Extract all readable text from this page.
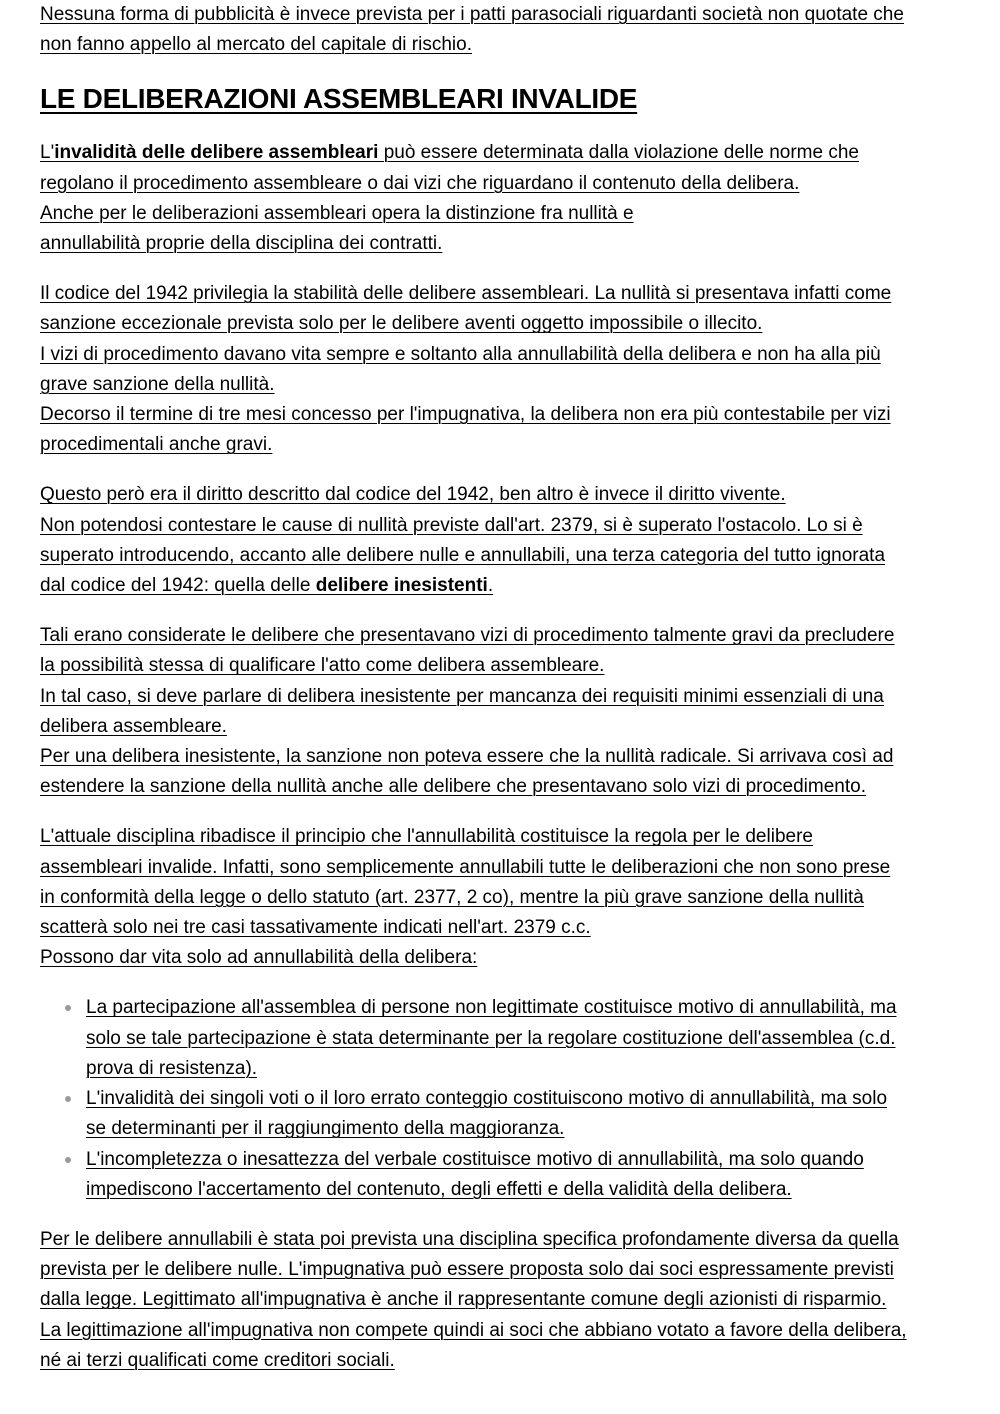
Nessuna forma di pubblicità è invece prevista per i patti parasociali riguardanti società non quotate che
non fanno appello al mercato del capitale di rischio.

LE DELIBERAZIONI ASSEMBLEARI INVALIDE

L'invalidità delle delibere assembleari può essere determinata dalla violazione delle norme che
regolano il procedimento assembleare o dai vizi che riguardano il contenuto della delibera.
Anche per le deliberazioni assembleari opera la distinzione fra nullità e
annullabilità proprie della disciplina dei contratti.

Il codice del 1942 privilegia la stabilità delle delibere assembleari. La nullità si presentava infatti come
sanzione eccezionale prevista solo per le delibere aventi oggetto impossibile o illecito.
I vizi di procedimento davano vita sempre e soltanto alla annullabilità della delibera e non ha alla più
grave sanzione della nullità.
Decorso il termine di tre mesi concesso per l'impugnativa, la delibera non era più contestabile per vizi
procedimentali anche gravi.

Questo però era il diritto descritto dal codice del 1942, ben altro è invece il diritto vivente.
Non potendosi contestare le cause di nullità previste dall'art. 2379, si è superato l'ostacolo. Lo si è
superato introducendo, accanto alle delibere nulle e annullabili, una terza categoria del tutto ignorata
dal codice del 1942: quella delle delibere inesistenti.

Tali erano considerate le delibere che presentavano vizi di procedimento talmente gravi da precludere
la possibilità stessa di qualificare l'atto come delibera assembleare.
In tal caso, si deve parlare di delibera inesistente per mancanza dei requisiti minimi essenziali di una
delibera assembleare.
Per una delibera inesistente, la sanzione non poteva essere che la nullità radicale. Si arrivava così ad
estendere la sanzione della nullità anche alle delibere che presentavano solo vizi di procedimento.

L'attuale disciplina ribadisce il principio che l'annullabilità costituisce la regola per le delibere
assembleari invalide. Infatti, sono semplicemente annullabili tutte le deliberazioni che non sono prese
in conformità della legge o dello statuto (art. 2377, 2 co), mentre la più grave sanzione della nullità
scatterà solo nei tre casi tassativamente indicati nell'art. 2379 c.c.
Possono dar vita solo ad annullabilità della delibera:

La partecipazione all'assemblea di persone non legittimate costituisce motivo di annullabilità, ma
solo se tale partecipazione è stata determinante per la regolare costituzione dell'assemblea (c.d.
prova di resistenza).
L'invalidità dei singoli voti o il loro errato conteggio costituiscono motivo di annullabilità, ma solo
se determinanti per il raggiungimento della maggioranza.
L'incompletezza o inesattezza del verbale costituisce motivo di annullabilità, ma solo quando
impediscono l'accertamento del contenuto, degli effetti e della validità della delibera.

Per le delibere annullabili è stata poi prevista una disciplina specifica profondamente diversa da quella
prevista per le delibere nulle. L'impugnativa può essere proposta solo dai soci espressamente previsti
dalla legge. Legittimato all'impugnativa è anche il rappresentante comune degli azionisti di risparmio.
La legittimazione all'impugnativa non compete quindi ai soci che abbiano votato a favore della delibera,
né ai terzi qualificati come creditori sociali.
